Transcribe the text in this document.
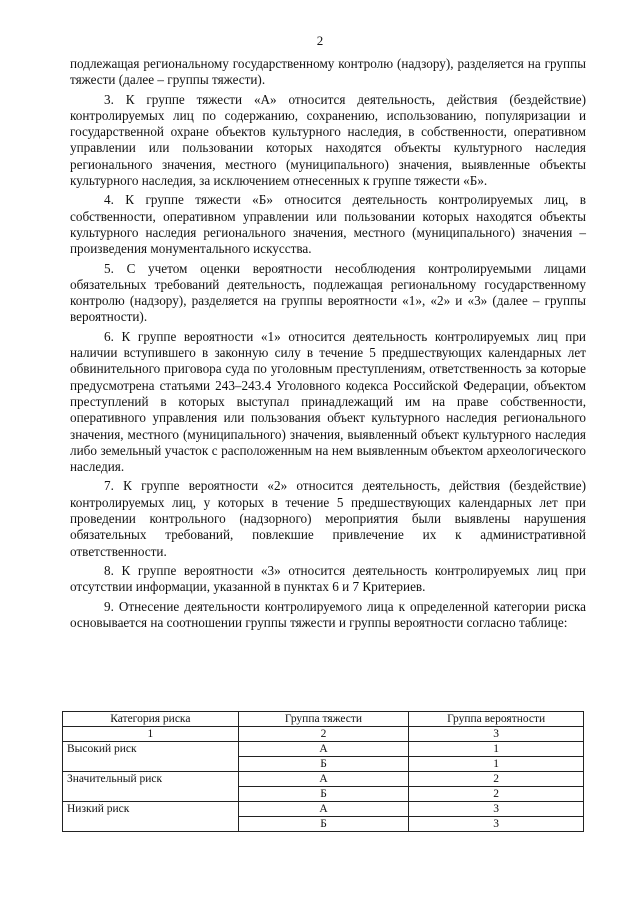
2

подлежащая региональному государственному контролю (надзору), разделяется на группы тяжести (далее – группы тяжести).

3. К группе тяжести «А» относится деятельность, действия (бездействие) контролируемых лиц по содержанию, сохранению, использованию, популяризации и государственной охране объектов культурного наследия, в собственности, оперативном управлении или пользовании которых находятся объекты культурного наследия регионального значения, местного (муниципального) значения, выявленные объекты культурного наследия, за исключением отнесенных к группе тяжести «Б».

4. К группе тяжести «Б» относится деятельность контролируемых лиц, в собственности, оперативном управлении или пользовании которых находятся объекты культурного наследия регионального значения, местного (муниципального) значения – произведения монументального искусства.

5. С учетом оценки вероятности несоблюдения контролируемыми лицами обязательных требований деятельность, подлежащая региональному государственному контролю (надзору), разделяется на группы вероятности «1», «2» и «3» (далее – группы вероятности).

6. К группе вероятности «1» относится деятельность контролируемых лиц при наличии вступившего в законную силу в течение 5 предшествующих календарных лет обвинительного приговора суда по уголовным преступлениям, ответственность за которые предусмотрена статьями 243–243.4 Уголовного кодекса Российской Федерации, объектом преступлений в которых выступал принадлежащий им на праве собственности, оперативного управления или пользования объект культурного наследия регионального значения, местного (муниципального) значения, выявленный объект культурного наследия либо земельный участок с расположенным на нем выявленным объектом археологического наследия.

7. К группе вероятности «2» относится деятельность, действия (бездействие) контролируемых лиц, у которых в течение 5 предшествующих календарных лет при проведении контрольного (надзорного) мероприятия были выявлены нарушения обязательных требований, повлекшие привлечение их к административной ответственности.

8. К группе вероятности «3» относится деятельность контролируемых лиц при отсутствии информации, указанной в пунктах 6 и 7 Критериев.

9. Отнесение деятельности контролируемого лица к определенной категории риска основывается на соотношении группы тяжести и группы вероятности согласно таблице:

Категория риска	Группа тяжести	Группа вероятности
1	2	3
Высокий риск	А	1
	Б	1
Значительный риск	А	2
	Б	2
Низкий риск	А	3
	Б	3
